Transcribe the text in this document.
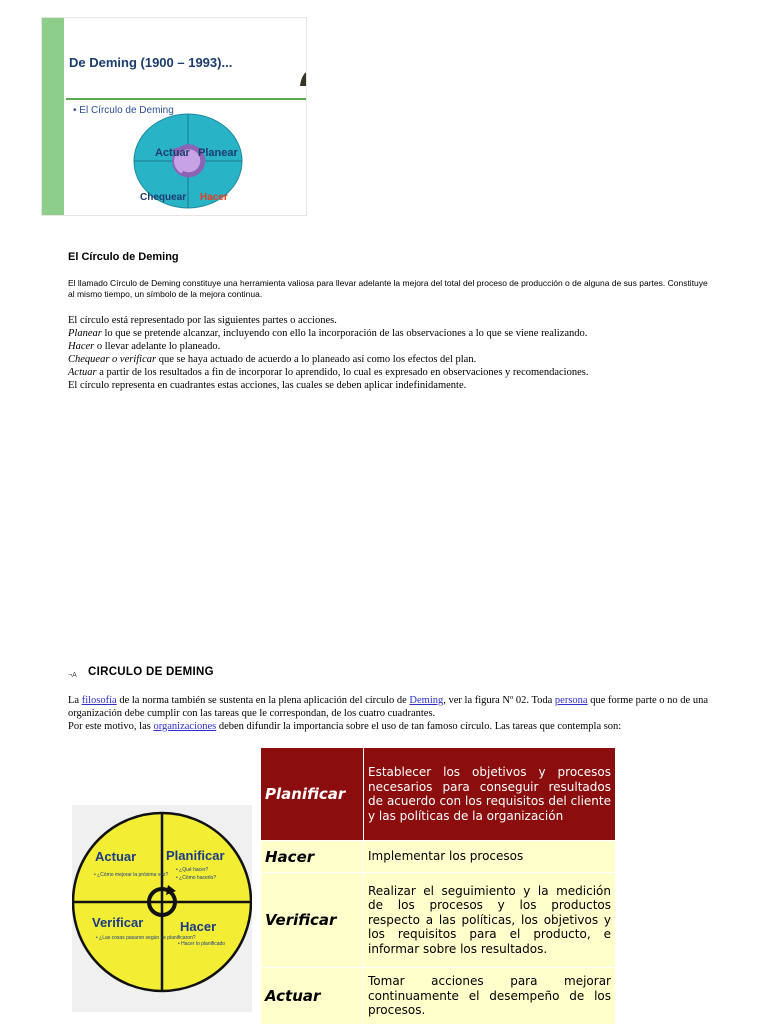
De Deming (1900 – 1993)...
• El Círculo de Deming
Actuar Planear
Chequear Hacer
El Círculo de Deming
El llamado Círculo de Deming constituye una herramienta valiosa para llevar adelante la mejora del total del proceso de producción o de alguna de sus partes. Constituye al mismo tiempo, un símbolo de la mejora continua.
El círculo está representado por las siguientes partes o acciones.
Planear lo que se pretende alcanzar, incluyendo con ello la incorporación de las observaciones a lo que se viene realizando.
Hacer o llevar adelante lo planeado.
Chequear o verificar que se haya actuado de acuerdo a lo planeado así como los efectos del plan.
Actuar a partir de los resultados a fin de incorporar lo aprendido, lo cual es expresado en observaciones y recomendaciones.
El círculo representa en cuadrantes estas acciones, las cuales se deben aplicar indefinidamente.
¬A CIRCULO DE DEMING
La filosofía de la norma también se sustenta en la plena aplicación del círculo de Deming, ver la figura Nº 02. Toda persona que forme parte o no de una organización debe cumplir con las tareas que le correspondan, de los cuatro cuadrantes.
Por este motivo, las organizaciones deben difundir la importancia sobre el uso de tan famoso círculo. Las tareas que contempla son:
Actuar Planificar
Verificar	Hacer
• ¿Cómo mejorar la próxima vez?
• ¿Qué hacer?
• ¿Cómo hacerlo?
• ¿Las cosas pasaron según se planificaron?
• Hacer lo planificado
Planificar	Establecer los objetivos y procesos necesarios para conseguir resultados de acuerdo con los requisitos del cliente y las políticas de la organización
Hacer	Implementar los procesos
Verificar	Realizar el seguimiento y la medición de los procesos y los productos respecto a las políticas, los objetivos y los requisitos para el producto, e informar sobre los resultados.
Actuar	Tomar acciones para mejorar continuamente el desempeño de los procesos.
